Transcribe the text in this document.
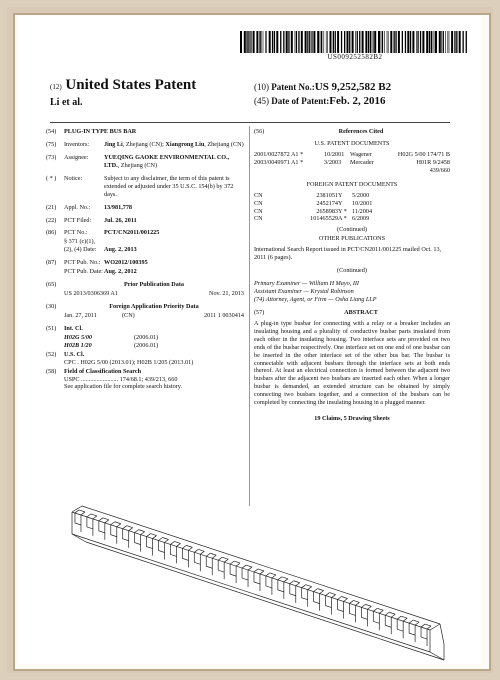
US009252582B2
(12) United States Patent
Li et al.
(10) Patent No.: US 9,252,582 B2
(45) Date of Patent: Feb. 2, 2016
(54)	PLUG-IN TYPE BUS BAR
(75)	Inventors:	Jing Li, Zhejiang (CN); Xiangrong Liu, Zhejiang (CN)
(73)	Assignee:	YUEQING GAOKE ENVIRONMENTAL CO., LTD., Zhejiang (CN)
( * )	Notice:	Subject to any disclaimer, the term of this patent is extended or adjusted under 35 U.S.C. 154(b) by 372 days.
(21)	Appl. No.:	13/981,778
(22)	PCT Filed:	Jul. 26, 2011
(86)	PCT No.:	PCT/CN2011/001225
§ 371 (c)(1), (2), (4) Date:	Aug. 2, 2013
(87)	PCT Pub. No.: WO2012/100395
PCT Pub. Date: Aug. 2, 2012
(65)	Prior Publication Data
US 2013/0306369 A1	Nov. 21, 2013
(30)	Foreign Application Priority Data
Jan. 27, 2011	(CN)	2011 1 0030414
(51)	Int. Cl.
H02G 5/00	(2006.01)
H02B 1/20	(2006.01)
(52)	U.S. Cl.
CPC . H02G 5/00 (2013.01); H02B 1/205 (2013.01)
(58)	Field of Classification Search
USPC ........................ 174/68.1; 439/213, 660
See application file for complete search history.
(56)	References Cited
U.S. PATENT DOCUMENTS
2001/0027872 A1 *	10/2001 Wagener	H02G 5/00 174/71 B
2003/0049971 A1 *	3/2003	Mercader	H01R 9/2458 439/660
FOREIGN PATENT DOCUMENTS
CN	2381051 Y	5/2000
CN	2452174 Y	10/2001
CN	2658983 Y * 11/2004
CN	101465529 A * 6/2009
(Continued)
OTHER PUBLICATIONS
International Search Report issued in PCT/CN2011/001225 mailed Oct. 13, 2011 (6 pages).
(Continued)
Primary Examiner — William H Mayo, III
Assistant Examiner — Krystal Robinson
(74) Attorney, Agent, or Firm — Osha Liang LLP
(57)	ABSTRACT
A plug-in type busbar for connecting with a relay or a breaker includes an insulating housing and a plurality of conductive busbar parts insulated from each other in the insulating housing. Two interface sets are provided on two ends of the busbar respectively. One interface set on one end of one busbar can be inserted in the other interface set of the other bus bar. The busbar is connectable with adjacent busbars through the interface sets at both ends thereof. At least an electrical connection is formed between the adjacent two busbars after the adjacent two busbars are inserted each other. When a longer busbar is demanded, an extended structure can be obtained by simply connecting two busbars together, and a connection of the busbars can be completed by connecting the insulating housing in a plugged manner.
19 Claims, 5 Drawing Sheets
